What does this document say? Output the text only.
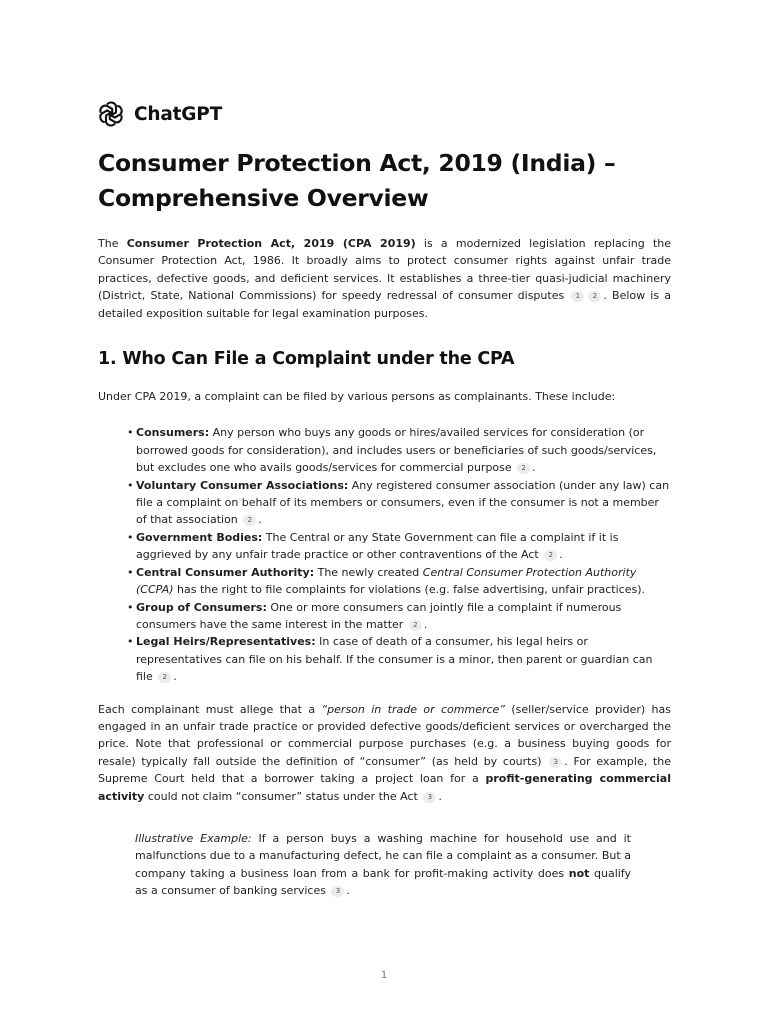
ChatGPT
Consumer Protection Act, 2019 (India) – Comprehensive Overview

The Consumer Protection Act, 2019 (CPA 2019) is a modernized legislation replacing the Consumer Protection Act, 1986. It broadly aims to protect consumer rights against unfair trade practices, defective goods, and deficient services. It establishes a three-tier quasi-judicial machinery (District, State, National Commissions) for speedy redressal of consumer disputes 1 2 . Below is a detailed exposition suitable for legal examination purposes.

1. Who Can File a Complaint under the CPA

Under CPA 2019, a complaint can be filed by various persons as complainants. These include:

• Consumers: Any person who buys any goods or hires/availed services for consideration (or borrowed goods for consideration), and includes users or beneficiaries of such goods/services, but excludes one who avails goods/services for commercial purpose 2 .
• Voluntary Consumer Associations: Any registered consumer association (under any law) can file a complaint on behalf of its members or consumers, even if the consumer is not a member of that association 2 .
• Government Bodies: The Central or any State Government can file a complaint if it is aggrieved by any unfair trade practice or other contraventions of the Act 2 .
• Central Consumer Authority: The newly created Central Consumer Protection Authority (CCPA) has the right to file complaints for violations (e.g. false advertising, unfair practices).
• Group of Consumers: One or more consumers can jointly file a complaint if numerous consumers have the same interest in the matter 2 .
• Legal Heirs/Representatives: In case of death of a consumer, his legal heirs or representatives can file on his behalf. If the consumer is a minor, then parent or guardian can file 2 .

Each complainant must allege that a “person in trade or commerce” (seller/service provider) has engaged in an unfair trade practice or provided defective goods/deficient services or overcharged the price. Note that professional or commercial purpose purchases (e.g. a business buying goods for resale) typically fall outside the definition of “consumer” (as held by courts) 3 . For example, the Supreme Court held that a borrower taking a project loan for a profit-generating commercial activity could not claim “consumer” status under the Act 3 .

Illustrative Example: If a person buys a washing machine for household use and it malfunctions due to a manufacturing defect, he can file a complaint as a consumer. But a company taking a business loan from a bank for profit-making activity does not qualify as a consumer of banking services 3 .

1
